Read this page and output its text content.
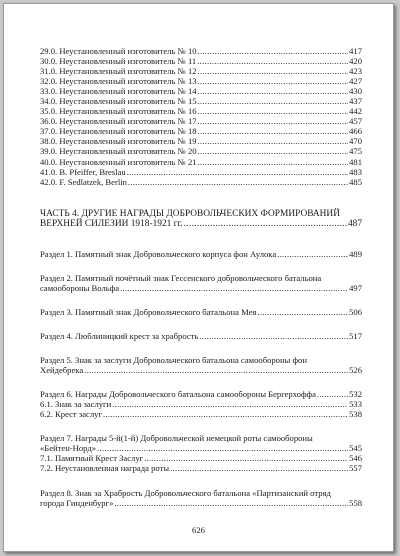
29.0. Неустановленный изготовитель № 10 .....	417
30.0. Неустановленный изготовитель № 11 .....	420
31.0. Неустановленный изготовитель № 12 .....	423
32.0. Неустановленный изготовитель № 13 .....	427
33.0. Неустановленный изготовитель № 14 .....	430
34.0. Неустановленный изготовитель № 15 .....	437
35.0. Неустановленный изготовитель № 16 .....	442
36.0. Неустановленный изготовитель № 17 .....	457
37.0. Неустановленный изготовитель № 18 .....	466
38.0. Неустановленный изготовитель № 19 .....	470
39.0. Неустановленный изготовитель № 20 .....	475
40.0. Неустановленный изготовитель № 21 .....	481
41.0. B. Pfeiffer, Breslau .....	483
42.0. F. Sedlatzek, Berlin .....	485
ЧАСТЬ 4. ДРУГИЕ НАГРАДЫ ДОБРОВОЛЬЧЕСКИХ ФОРМИРОВАНИЙ
ВЕРХНЕЙ СИЛЕЗИИ 1918-1921 гг. .....	487
Раздел 1. Памятный знак Добровольческого корпуса фон Аулока .....	489
Раздел 2. Памятный почётный знак Гессенского добровольческого батальона
самообороны Вольфа .....	497
Раздел 3. Памятный знак Добровольческого батальона Мея .....	506
Раздел 4. Люблиницкий крест за храбрость .....	517
Раздел 5. Знак за заслуги Добровольческого батальона самообороны фон
Хейдебрека .....	526
Раздел 6. Награды Добровольческого батальона самообороны Бергерхоффа .....	532
6.1. Знак за заслуги .....	533
6.2. Крест заслуг .....	538
Раздел 7. Награды 5-й(1-й) Добровольческой немецкой роты самообороны
«Бейтен-Норд» .....	545
7.1. Памятный Крест Заслуг .....	546
7.2. Неустановленная награда роты .....	557
Раздел 8. Знак за Храбрость Добровольческого батальона «Партизанский отряд
города Гинденбург» .....	558
626
